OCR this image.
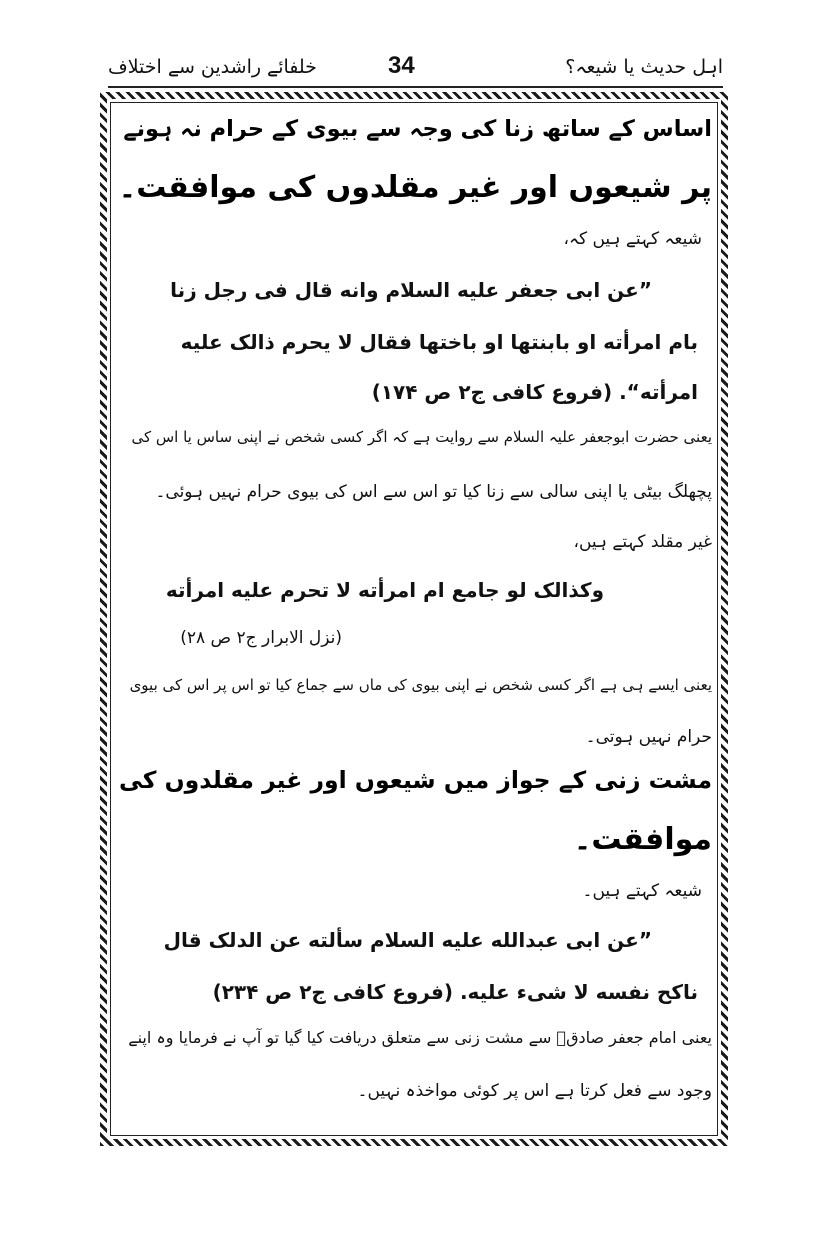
اہل حدیث یا شیعہ؟
34
خلفائے راشدین سے اختلاف
اساس کے ساتھ زنا کی وجہ سے بیوی کے حرام نہ ہونے
پر شیعوں اور غیر مقلدوں کی موافقت۔
شیعہ کہتے ہیں کہ،
”عن ابی جعفر علیه السلام وانه قال فی رجل زنا
بام امرأته او بابنتها او باختها فقال لا یحرم ذالک علیه
امرأته“. (فروع کافی ج۲ ص ۱۷۴)
یعنی حضرت ابوجعفر علیہ السلام سے روایت ہے کہ اگر کسی شخص نے اپنی ساس یا اس کی
پچھلگ بیٹی یا اپنی سالی سے زنا کیا تو اس سے اس کی بیوی حرام نہیں ہوئی۔
غیر مقلد کہتے ہیں،
وکذالک لو جامع ام امرأته لا تحرم علیه امرأته
(نزل الابرار ج۲ ص ۲۸)
یعنی ایسے ہی ہے اگر کسی شخص نے اپنی بیوی کی ماں سے جماع کیا تو اس پر اس کی بیوی
حرام نہیں ہوتی۔
مشت زنی کے جواز میں شیعوں اور غیر مقلدوں کی
موافقت۔
شیعہ کہتے ہیں۔
”عن ابی عبدالله علیه السلام سألته عن الدلک قال
ناکح نفسه لا شیء علیه. (فروع کافی ج۲ ص ۲۳۴)
یعنی امام جعفر صادقؒ سے مشت زنی سے متعلق دریافت کیا گیا تو آپ نے فرمایا وہ اپنے
وجود سے فعل کرتا ہے اس پر کوئی مواخذہ نہیں۔
